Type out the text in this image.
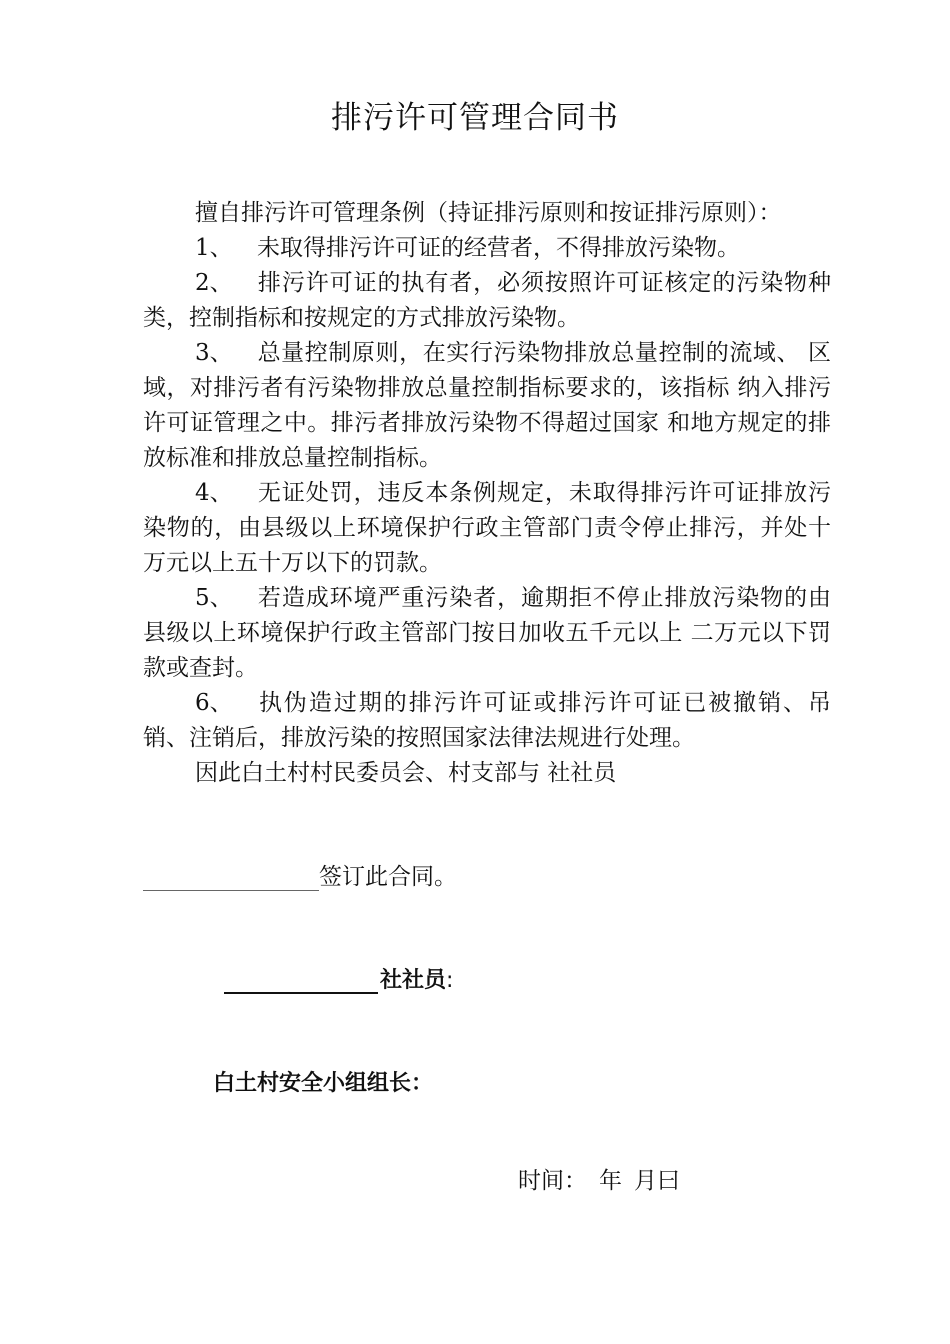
排污许可管理合同书

擅自排污许可管理条例（持证排污原则和按证排污原则）：

1、 未取得排污许可证的经营者，不得排放污染物。

2、 排污许可证的执有者，必须按照许可证核定的污染物种类，控制指标和按规定的方式排放污染物。

3、 总量控制原则，在实行污染物排放总量控制的流域、 区域，对排污者有污染物排放总量控制指标要求的，该指标 纳入排污许可证管理之中。排污者排放污染物不得超过国家 和地方规定的排放标准和排放总量控制指标。

4、 无证处罚，违反本条例规定，未取得排污许可证排放污染物的，由县级以上环境保护行政主管部门责令停止排污，并处十万元以上五十万以下的罚款。

5、 若造成环境严重污染者，逾期拒不停止排放污染物的由县级以上环境保护行政主管部门按日加收五千元以上 二万元以下罚款或查封。

6、 执伪造过期的排污许可证或排污许可证已被撤销、吊销、注销后，排放污染的按照国家法律法规进行处理。

因此白土村村民委员会、村支部与 社社员

签订此合同。
社社员:
白土村安全小组组长：
时间： 年 月曰
